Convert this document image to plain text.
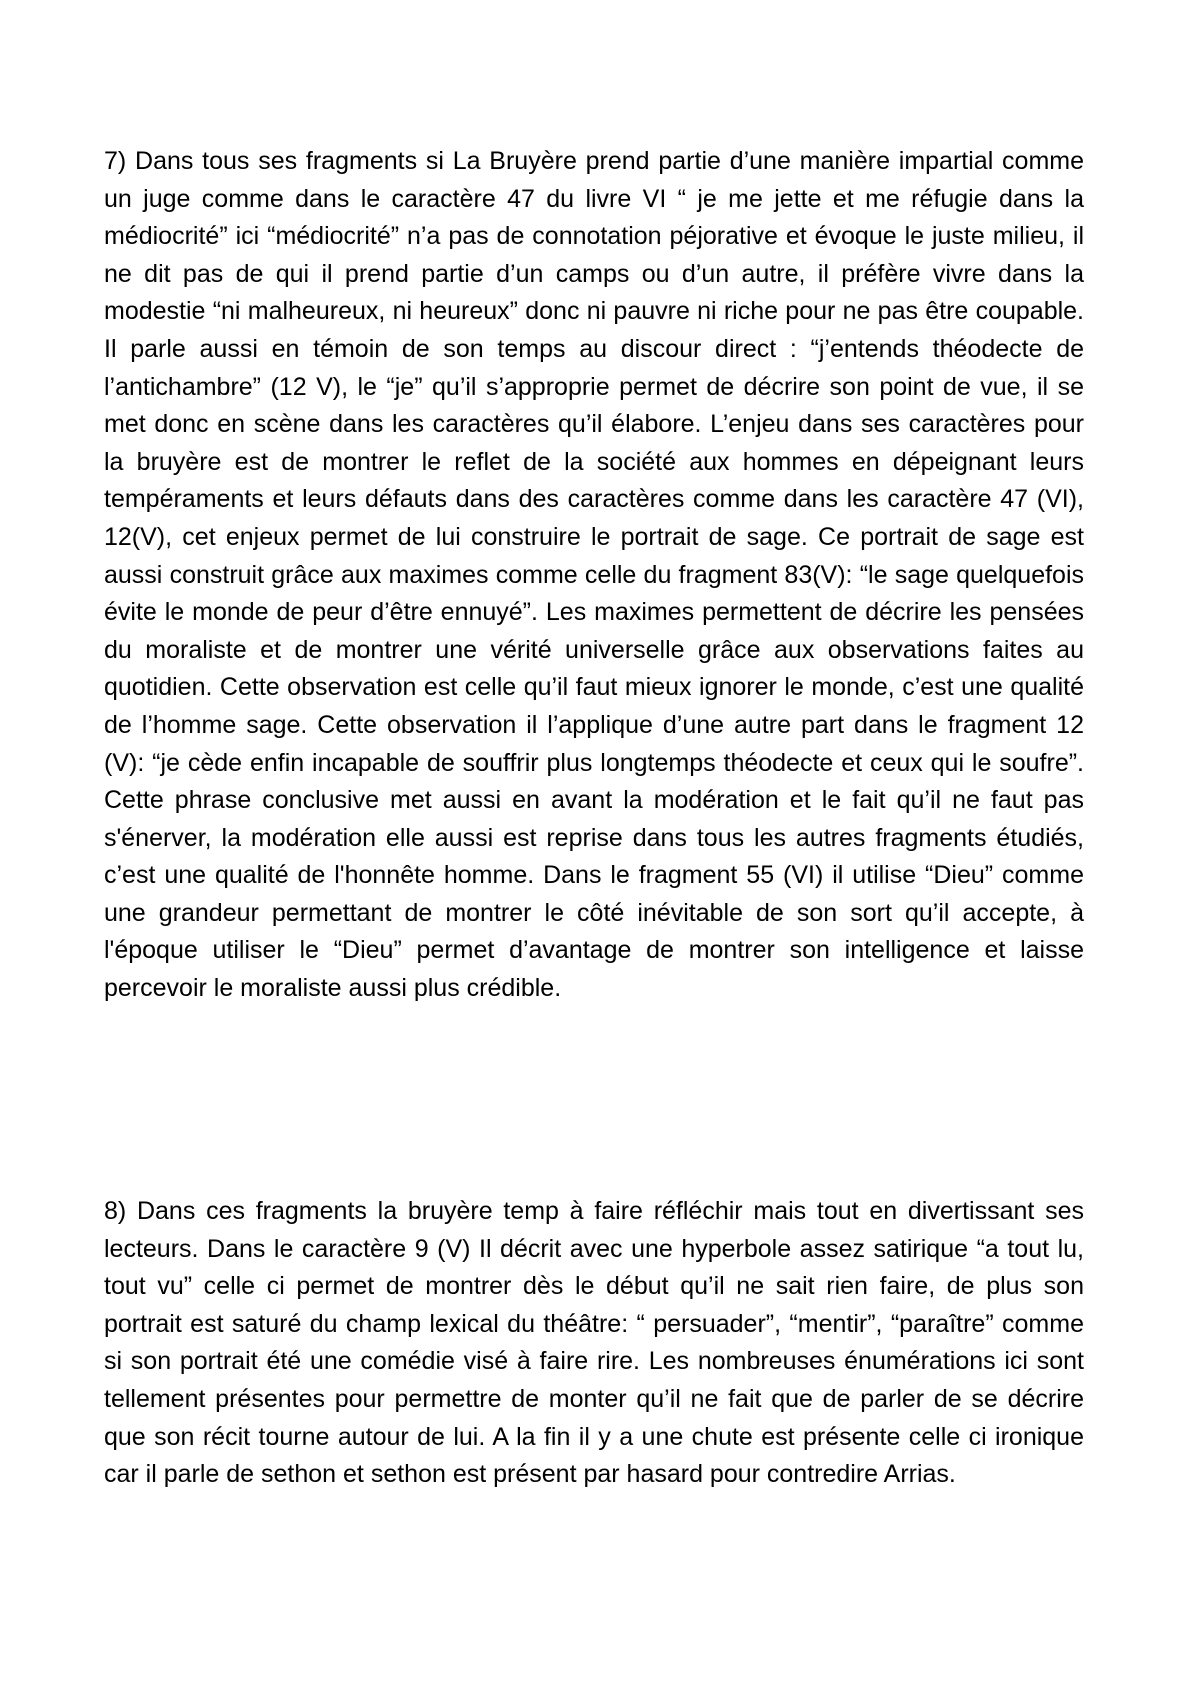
7) Dans tous ses fragments si La Bruyère prend partie d’une manière impartial comme un juge comme dans le caractère 47 du livre VI “ je me jette et me réfugie dans la médiocrité” ici “médiocrité” n’a pas de connotation péjorative et évoque le juste milieu, il ne dit pas de qui il prend partie d’un camps ou d’un autre, il préfère vivre dans la modestie “ni malheureux, ni heureux” donc ni pauvre ni riche pour ne pas être coupable. Il parle aussi en témoin de son temps au discour direct : “j’entends théodecte de l’antichambre” (12 V), le “je” qu’il s’approprie permet de décrire son point de vue, il se met donc en scène dans les caractères qu’il élabore. L’enjeu dans ses caractères pour la bruyère est de montrer le reflet de la société aux hommes en dépeignant leurs tempéraments et leurs défauts dans des caractères comme dans les caractère 47 (VI), 12(V), cet enjeux permet de lui construire le portrait de sage. Ce portrait de sage est aussi construit grâce aux maximes comme celle du fragment 83(V): “le sage quelquefois évite le monde de peur d’être ennuyé”. Les maximes permettent de décrire les pensées du moraliste et de montrer une vérité universelle grâce aux observations faites au quotidien. Cette observation est celle qu’il faut mieux ignorer le monde, c’est une qualité de l’homme sage. Cette observation il l’applique d’une autre part dans le fragment 12 (V): “je cède enfin incapable de souffrir plus longtemps théodecte et ceux qui le soufre”. Cette phrase conclusive met aussi en avant la modération et le fait qu’il ne faut pas s'énerver, la modération elle aussi est reprise dans tous les autres fragments étudiés, c’est une qualité de l'honnête homme. Dans le fragment 55 (VI) il utilise “Dieu” comme une grandeur permettant de montrer le côté inévitable de son sort qu’il accepte, à l'époque utiliser le “Dieu” permet d’avantage de montrer son intelligence et laisse percevoir le moraliste aussi plus crédible.

8) Dans ces fragments la bruyère temp à faire réfléchir mais tout en divertissant ses lecteurs. Dans le caractère 9 (V) Il décrit avec une hyperbole assez satirique “a tout lu, tout vu” celle ci permet de montrer dès le début qu’il ne sait rien faire, de plus son portrait est saturé du champ lexical du théâtre: “ persuader”, “mentir”, “paraître” comme si son portrait été une comédie visé à faire rire. Les nombreuses énumérations ici sont tellement présentes pour permettre de monter qu’il ne fait que de parler de se décrire que son récit tourne autour de lui. A la fin il y a une chute est présente celle ci ironique car il parle de sethon et sethon est présent par hasard pour contredire Arrias.
